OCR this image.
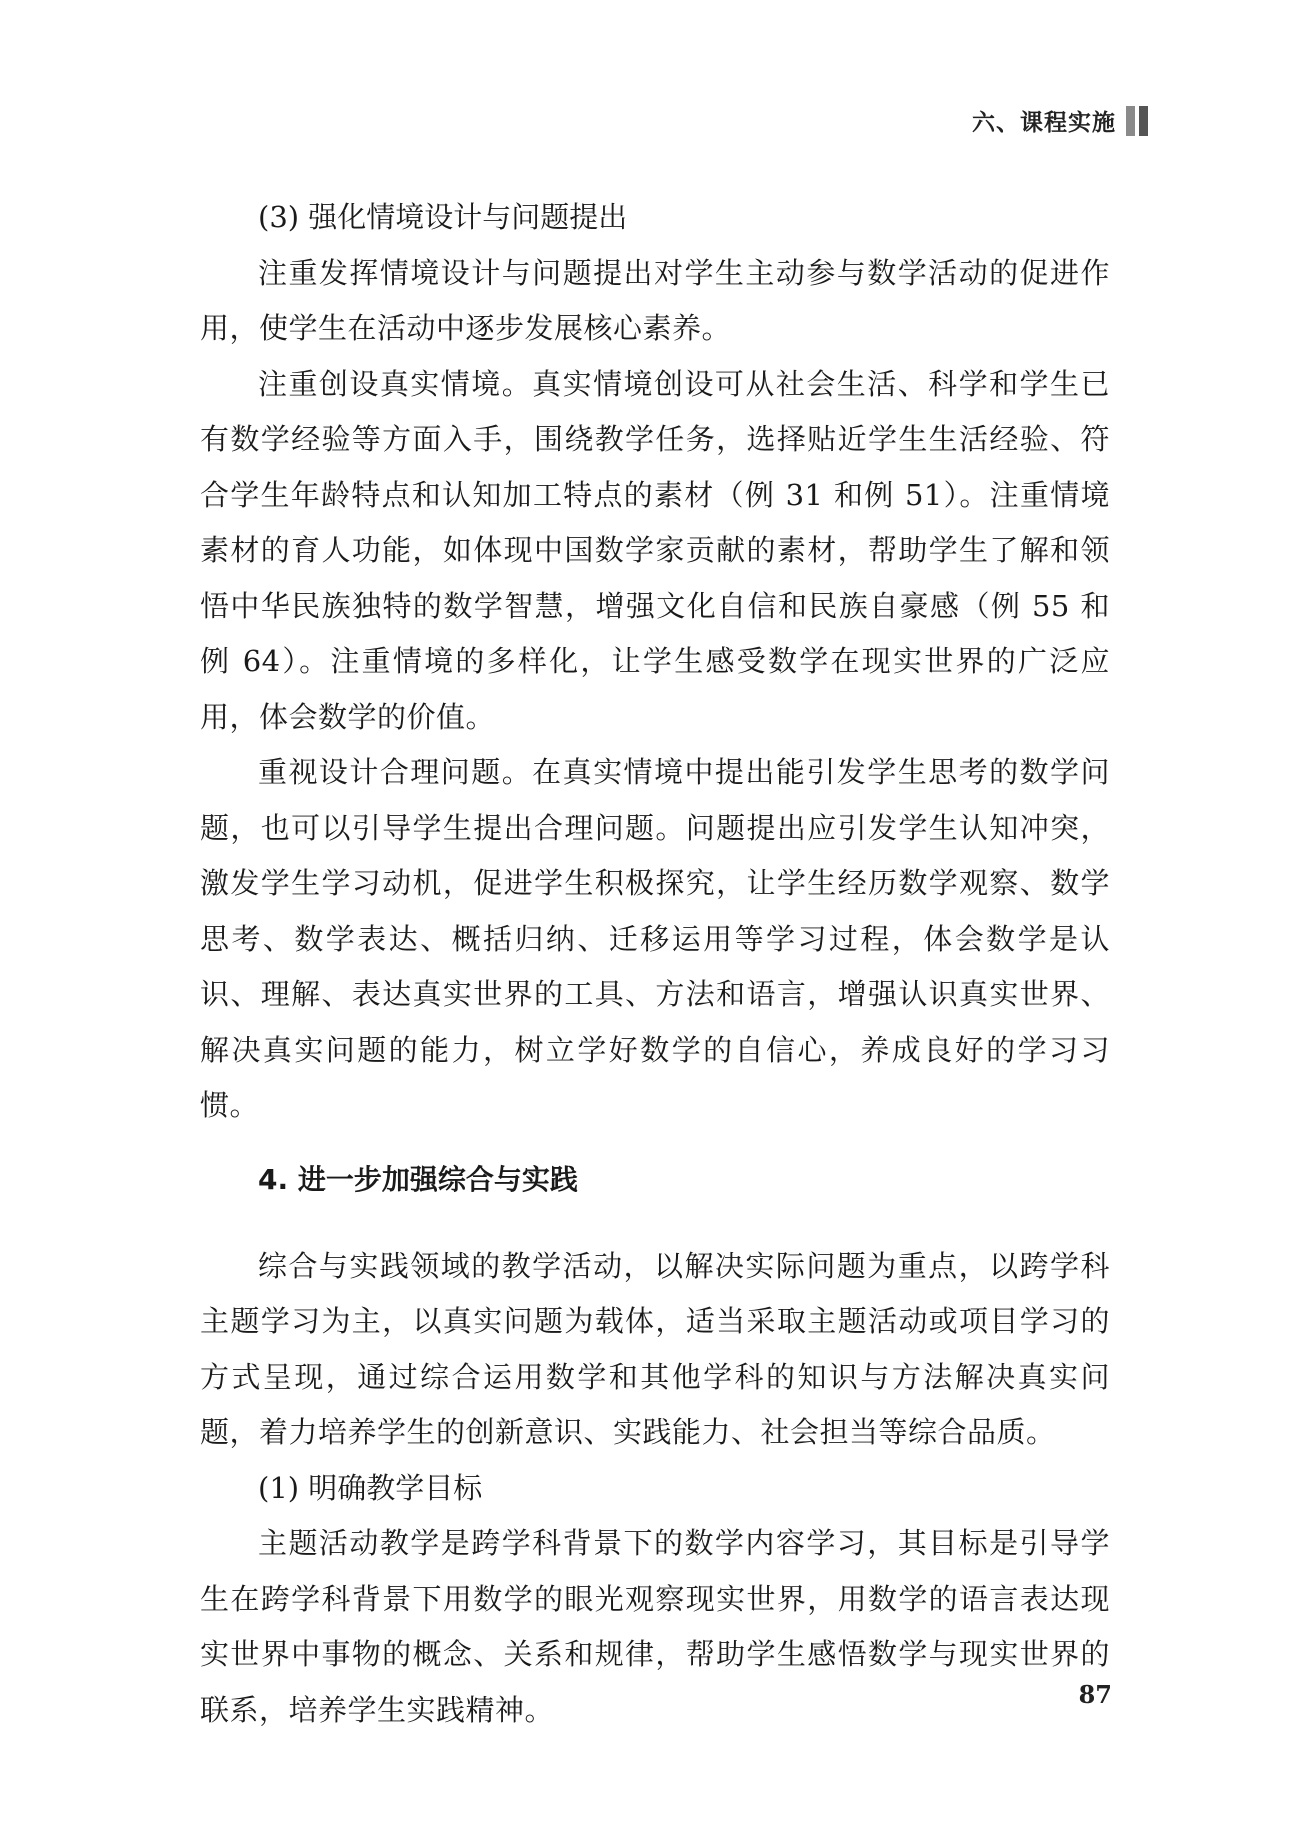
六、课程实施

(3) 强化情境设计与问题提出

注重发挥情境设计与问题提出对学生主动参与数学活动的促进作用，使学生在活动中逐步发展核心素养。

注重创设真实情境。真实情境创设可从社会生活、科学和学生已有数学经验等方面入手，围绕教学任务，选择贴近学生生活经验、符合学生年龄特点和认知加工特点的素材（例 31 和例 51）。注重情境素材的育人功能，如体现中国数学家贡献的素材，帮助学生了解和领悟中华民族独特的数学智慧，增强文化自信和民族自豪感（例 55 和例 64）。注重情境的多样化，让学生感受数学在现实世界的广泛应用，体会数学的价值。

重视设计合理问题。在真实情境中提出能引发学生思考的数学问题，也可以引导学生提出合理问题。问题提出应引发学生认知冲突，激发学生学习动机，促进学生积极探究，让学生经历数学观察、数学思考、数学表达、概括归纳、迁移运用等学习过程，体会数学是认识、理解、表达真实世界的工具、方法和语言，增强认识真实世界、解决真实问题的能力，树立学好数学的自信心，养成良好的学习习惯。

4. 进一步加强综合与实践

综合与实践领域的教学活动，以解决实际问题为重点，以跨学科主题学习为主，以真实问题为载体，适当采取主题活动或项目学习的方式呈现，通过综合运用数学和其他学科的知识与方法解决真实问题，着力培养学生的创新意识、实践能力、社会担当等综合品质。

(1) 明确教学目标

主题活动教学是跨学科背景下的数学内容学习，其目标是引导学生在跨学科背景下用数学的眼光观察现实世界，用数学的语言表达现实世界中事物的概念、关系和规律，帮助学生感悟数学与现实世界的联系，培养学生实践精神。	87
